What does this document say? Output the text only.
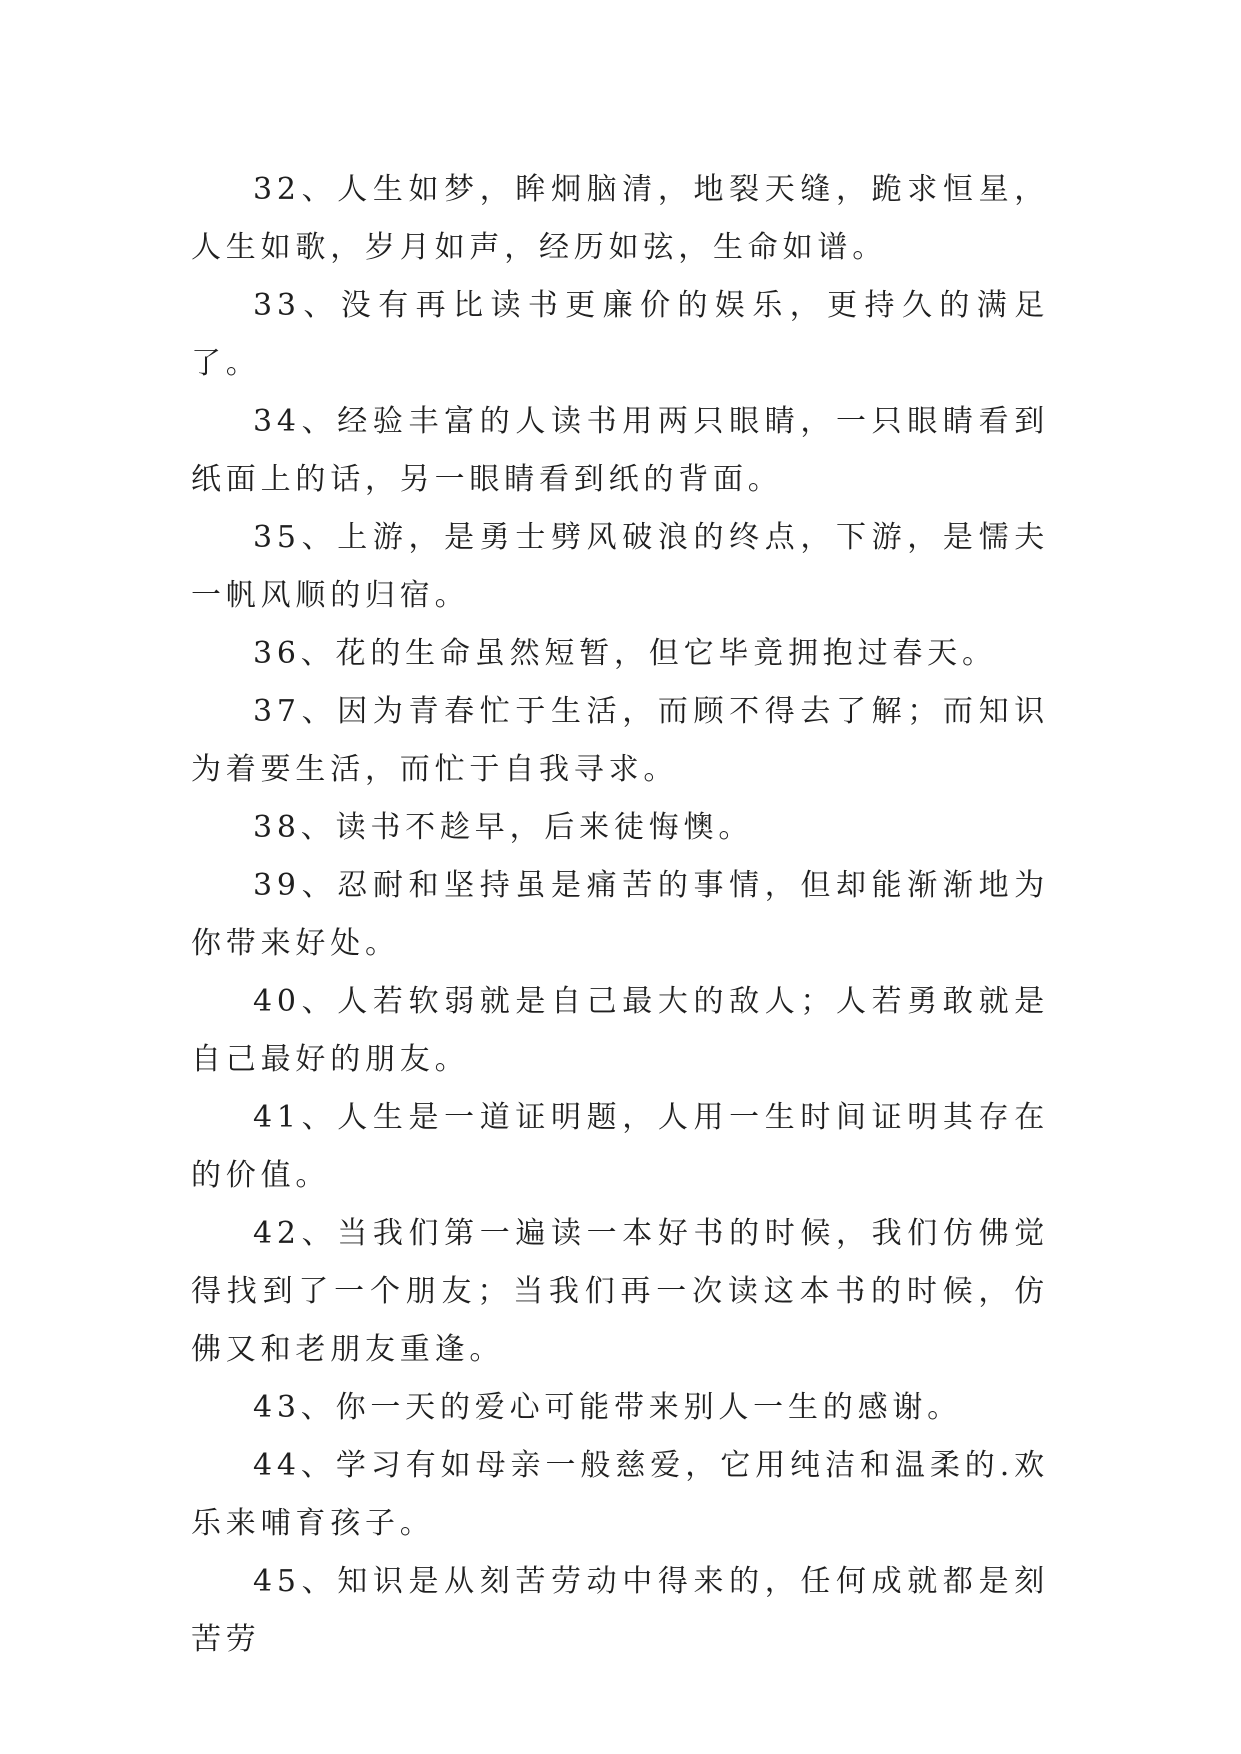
32、人生如梦，眸炯脑清，地裂天缝，跪求恒星，人生如歌，岁月如声，经历如弦，生命如谱。

33、没有再比读书更廉价的娱乐，更持久的满足了。

34、经验丰富的人读书用两只眼睛，一只眼睛看到纸面上的话，另一眼睛看到纸的背面。

35、上游，是勇士劈风破浪的终点，下游，是懦夫一帆风顺的归宿。

36、花的生命虽然短暂，但它毕竟拥抱过春天。

37、因为青春忙于生活，而顾不得去了解；而知识为着要生活，而忙于自我寻求。

38、读书不趁早，后来徒悔懊。

39、忍耐和坚持虽是痛苦的事情，但却能渐渐地为你带来好处。

40、人若软弱就是自己最大的敌人；人若勇敢就是自己最好的朋友。

41、人生是一道证明题，人用一生时间证明其存在的价值。

42、当我们第一遍读一本好书的时候，我们仿佛觉得找到了一个朋友；当我们再一次读这本书的时候，仿佛又和老朋友重逢。

43、你一天的爱心可能带来别人一生的感谢。

44、学习有如母亲一般慈爱，它用纯洁和温柔的.欢乐来哺育孩子。

45、知识是从刻苦劳动中得来的，任何成就都是刻苦劳
